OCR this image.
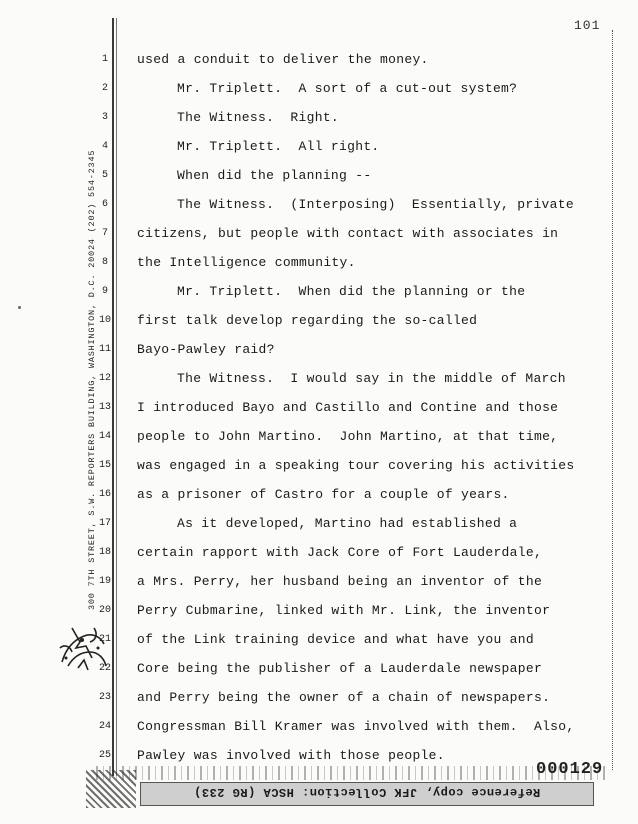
101
300 7TH STREET, S.W. REPORTERS BUILDING, WASHINGTON, D.C. 20024 (202) 554-2345
1
2
3
4
5
6
7
8
9
10
11
12
13
14
15
16
17
18
19
20
21
22
23
24
25
used a conduit to deliver the money.
Mr. Triplett.  A sort of a cut-out system?
The Witness.  Right.
Mr. Triplett.  All right.
When did the planning --
The Witness.  (Interposing)  Essentially, private
citizens, but people with contact with associates in
the Intelligence community.
Mr. Triplett.  When did the planning or the
first talk develop regarding the so-called
Bayo-Pawley raid?
The Witness.  I would say in the middle of March
I introduced Bayo and Castillo and Contine and those
people to John Martino.  John Martino, at that time,
was engaged in a speaking tour covering his activities
as a prisoner of Castro for a couple of years.
As it developed, Martino had established a
certain rapport with Jack Core of Fort Lauderdale,
a Mrs. Perry, her husband being an inventor of the
Perry Cubmarine, linked with Mr. Link, the inventor
of the Link training device and what have you and
Core being the publisher of a Lauderdale newspaper
and Perry being the owner of a chain of newspapers.
Congressman Bill Kramer was involved with them.  Also,
Pawley was involved with those people.
000129
Reference copy, JFK Collection: HSCA (RG 233)
